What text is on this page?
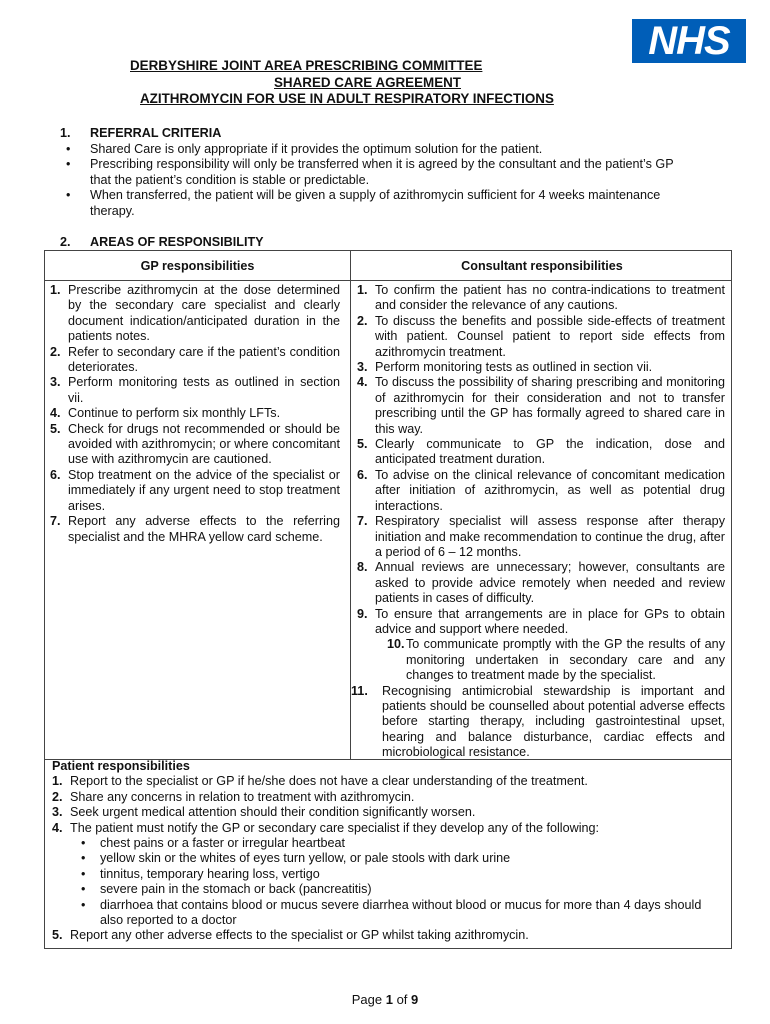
NHS
DERBYSHIRE JOINT AREA PRESCRIBING COMMITTEE
SHARED CARE AGREEMENT
AZITHROMYCIN FOR USE IN ADULT RESPIRATORY INFECTIONS
1. REFERRAL CRITERIA
• Shared Care is only appropriate if it provides the optimum solution for the patient.
• Prescribing responsibility will only be transferred when it is agreed by the consultant and the patient’s GP that the patient’s condition is stable or predictable.
• When transferred, the patient will be given a supply of azithromycin sufficient for 4 weeks maintenance therapy.
2. AREAS OF RESPONSIBILITY
GP responsibilities	Consultant responsibilities
1. Prescribe azithromycin at the dose determined by the secondary care specialist and clearly document indication/anticipated duration in the patients notes.
2. Refer to secondary care if the patient’s condition deteriorates.
3. Perform monitoring tests as outlined in section vii.
4. Continue to perform six monthly LFTs.
5. Check for drugs not recommended or should be avoided with azithromycin; or where concomitant use with azithromycin are cautioned.
6. Stop treatment on the advice of the specialist or immediately if any urgent need to stop treatment arises.
7. Report any adverse effects to the referring specialist and the MHRA yellow card scheme.
1. To confirm the patient has no contra-indications to treatment and consider the relevance of any cautions.
2. To discuss the benefits and possible side-effects of treatment with patient. Counsel patient to report side effects from azithromycin treatment.
3. Perform monitoring tests as outlined in section vii.
4. To discuss the possibility of sharing prescribing and monitoring of azithromycin for their consideration and not to transfer prescribing until the GP has formally agreed to shared care in this way.
5. Clearly communicate to GP the indication, dose and anticipated treatment duration.
6. To advise on the clinical relevance of concomitant medication after initiation of azithromycin, as well as potential drug interactions.
7. Respiratory specialist will assess response after therapy initiation and make recommendation to continue the drug, after a period of 6 – 12 months.
8. Annual reviews are unnecessary; however, consultants are asked to provide advice remotely when needed and review patients in cases of difficulty.
9. To ensure that arrangements are in place for GPs to obtain advice and support where needed.
10. To communicate promptly with the GP the results of any monitoring undertaken in secondary care and any changes to treatment made by the specialist.
11. Recognising antimicrobial stewardship is important and patients should be counselled about potential adverse effects before starting therapy, including gastrointestinal upset, hearing and balance disturbance, cardiac effects and microbiological resistance.
Patient responsibilities
1. Report to the specialist or GP if he/she does not have a clear understanding of the treatment.
2. Share any concerns in relation to treatment with azithromycin.
3. Seek urgent medical attention should their condition significantly worsen.
4. The patient must notify the GP or secondary care specialist if they develop any of the following:
• chest pains or a faster or irregular heartbeat
• yellow skin or the whites of eyes turn yellow, or pale stools with dark urine
• tinnitus, temporary hearing loss, vertigo
• severe pain in the stomach or back (pancreatitis)
• diarrhoea that contains blood or mucus severe diarrhea without blood or mucus for more than 4 days should also reported to a doctor
5. Report any other adverse effects to the specialist or GP whilst taking azithromycin.
Page 1 of 9
